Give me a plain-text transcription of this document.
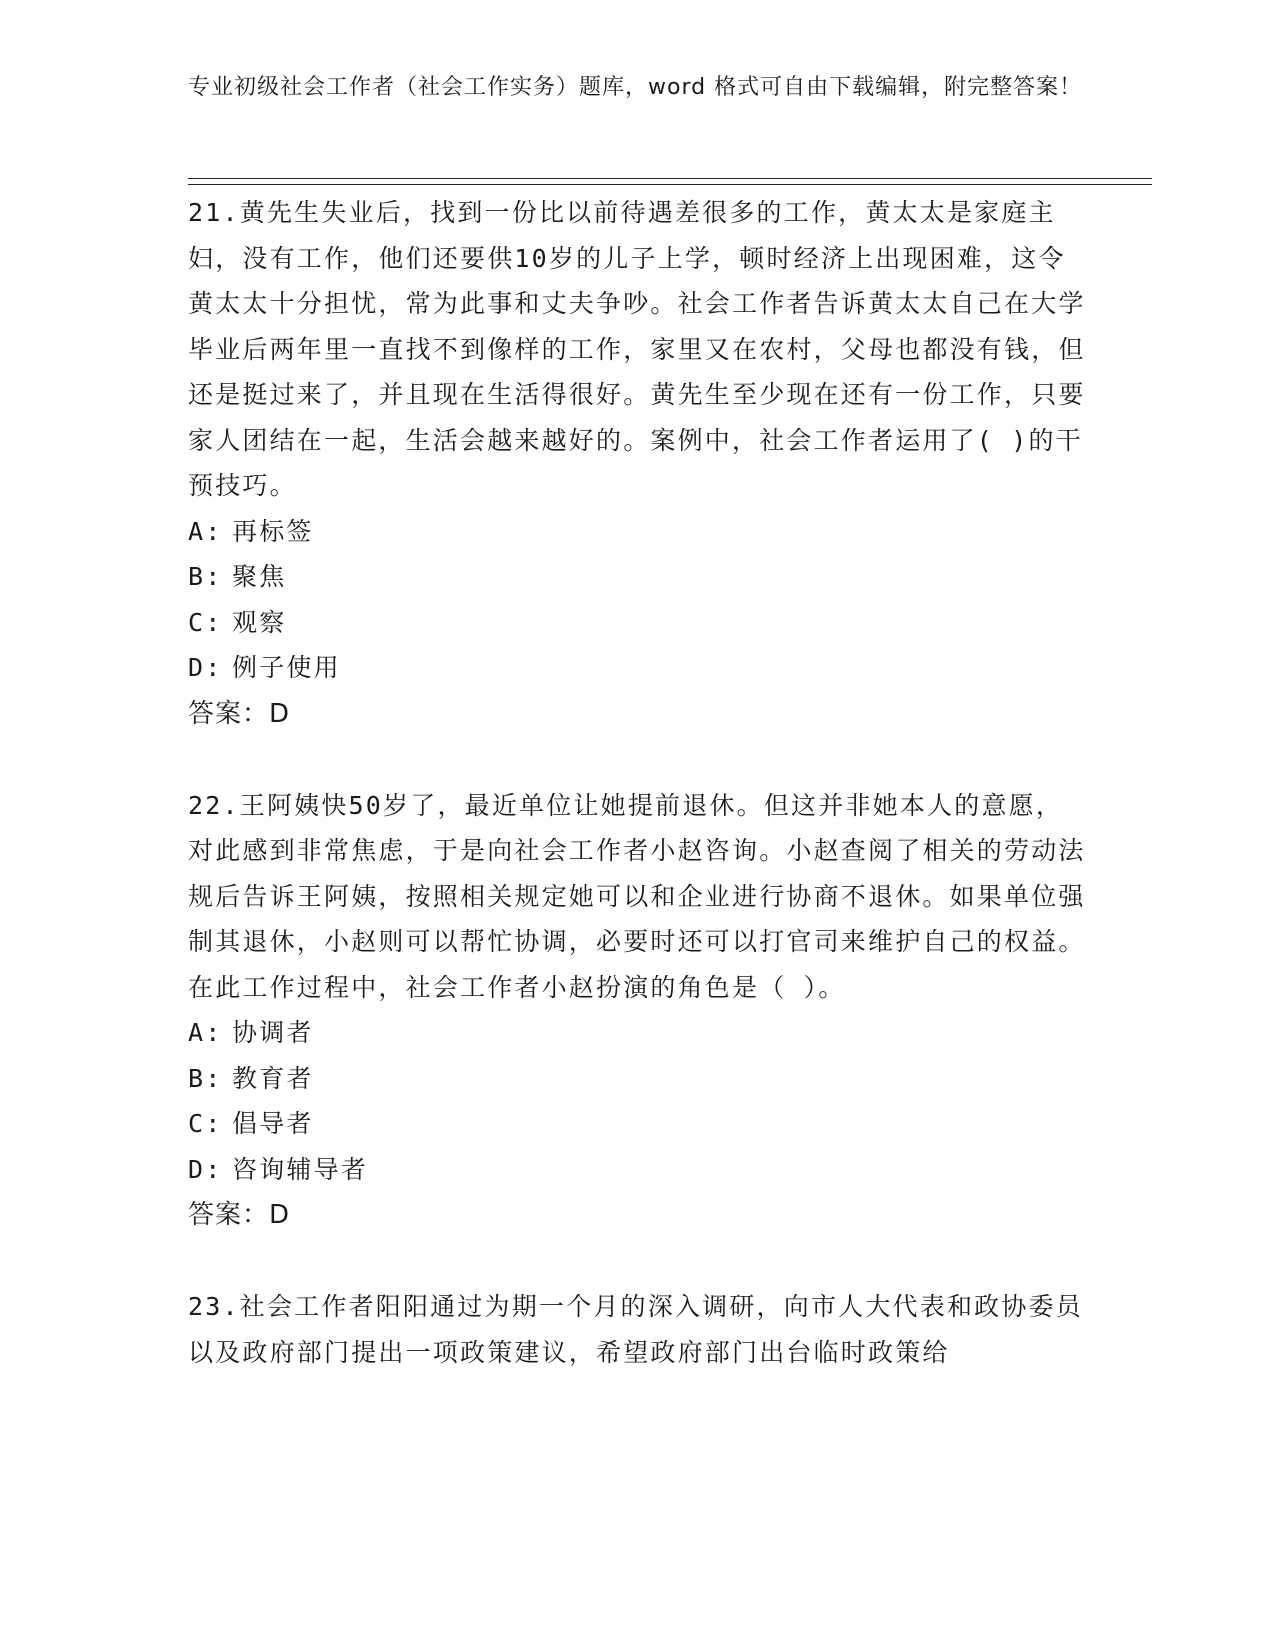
专业初级社会工作者（社会工作实务）题库，word 格式可自由下载编辑，附完整答案！

21.黄先生失业后，找到一份比以前待遇差很多的工作，黄太太是家庭主妇，没有工作，他们还要供10岁的儿子上学，顿时经济上出现困难，这令黄太太十分担忧，常为此事和丈夫争吵。社会工作者告诉黄太太自己在大学毕业后两年里一直找不到像样的工作，家里又在农村，父母也都没有钱，但还是挺过来了，并且现在生活得很好。黄先生至少现在还有一份工作，只要家人团结在一起，生活会越来越好的。案例中，社会工作者运用了( )的干预技巧。

A: 再标签

B: 聚焦

C: 观察

D: 例子使用

答案：D

22.王阿姨快50岁了，最近单位让她提前退休。但这并非她本人的意愿，对此感到非常焦虑，于是向社会工作者小赵咨询。小赵查阅了相关的劳动法规后告诉王阿姨，按照相关规定她可以和企业进行协商不退休。如果单位强制其退休，小赵则可以帮忙协调，必要时还可以打官司来维护自己的权益。在此工作过程中，社会工作者小赵扮演的角色是（ ）。

A: 协调者

B: 教育者

C: 倡导者

D: 咨询辅导者

答案：D

23.社会工作者阳阳通过为期一个月的深入调研，向市人大代表和政协委员以及政府部门提出一项政策建议，希望政府部门出台临时政策给
